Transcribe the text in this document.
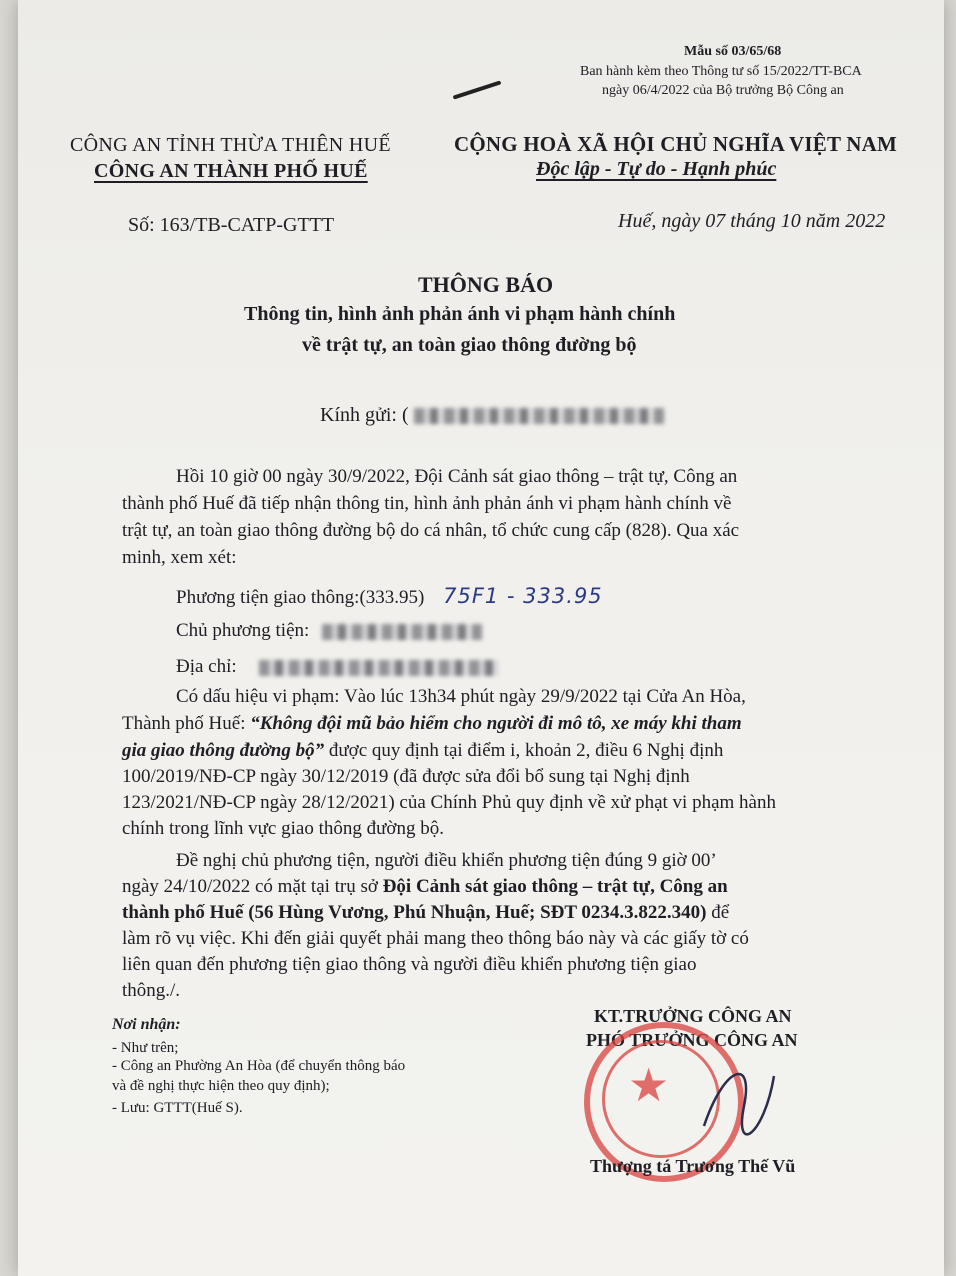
Mẫu số 03/65/68
Ban hành kèm theo Thông tư số 15/2022/TT-BCA
ngày 06/4/2022 của Bộ trưởng Bộ Công an
CÔNG AN TỈNH THỪA THIÊN HUẾ
CÔNG AN THÀNH PHỐ HUẾ
CỘNG HOÀ XÃ HỘI CHỦ NGHĨA VIỆT NAM
Độc lập - Tự do - Hạnh phúc
Số: 163/TB-CATP-GTTT	Huế, ngày 07 tháng 10 năm 2022
THÔNG BÁO
Thông tin, hình ảnh phản ánh vi phạm hành chính
về trật tự, an toàn giao thông đường bộ
Kính gửi: (
Hồi 10 giờ 00 ngày 30/9/2022, Đội Cảnh sát giao thông – trật tự, Công an
thành phố Huế đã tiếp nhận thông tin, hình ảnh phản ánh vi phạm hành chính về
trật tự, an toàn giao thông đường bộ do cá nhân, tổ chức cung cấp (828). Qua xác
minh, xem xét:
Phương tiện giao thông:(333.95) 75F1 - 333.95
Chủ phương tiện:
Địa chỉ:
Có dấu hiệu vi phạm: Vào lúc 13h34 phút ngày 29/9/2022 tại Cửa An Hòa,
Thành phố Huế: “Không đội mũ bảo hiểm cho người đi mô tô, xe máy khi tham
gia giao thông đường bộ” được quy định tại điểm i, khoản 2, điều 6 Nghị định
100/2019/NĐ-CP ngày 30/12/2019 (đã được sửa đổi bổ sung tại Nghị định
123/2021/NĐ-CP ngày 28/12/2021) của Chính Phủ quy định về xử phạt vi phạm hành
chính trong lĩnh vực giao thông đường bộ.
Đề nghị chủ phương tiện, người điều khiển phương tiện đúng 9 giờ 00’
ngày 24/10/2022 có mặt tại trụ sở Đội Cảnh sát giao thông – trật tự, Công an
thành phố Huế (56 Hùng Vương, Phú Nhuận, Huế; SĐT 0234.3.822.340) để
làm rõ vụ việc. Khi đến giải quyết phải mang theo thông báo này và các giấy tờ có
liên quan đến phương tiện giao thông và người điều khiển phương tiện giao
thông./.
Nơi nhận:
- Như trên;
- Công an Phường An Hòa (để chuyển thông báo
và đề nghị thực hiện theo quy định);
- Lưu: GTTT(Huế S).
KT.TRƯỞNG CÔNG AN
PHÓ TRƯỞNG CÔNG AN
★
Thượng tá Trương Thế Vũ
